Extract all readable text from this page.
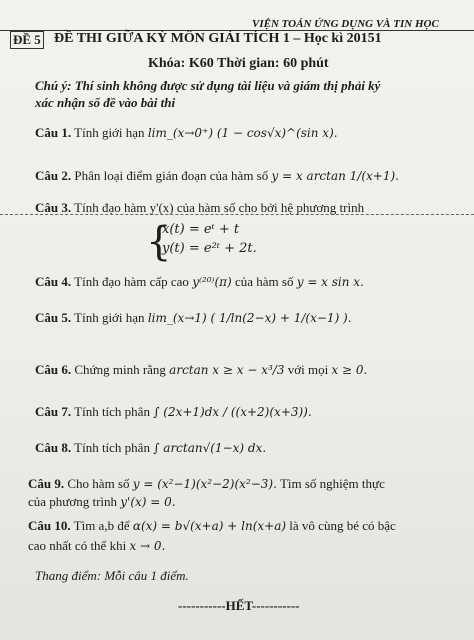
VIỆN TOÁN ỨNG DỤNG VÀ TIN HỌC
ĐỀ 5 ĐỀ THI GIỮA KỲ MÔN GIẢI TÍCH 1 – Học kì 20151
Khóa: K60 Thời gian: 60 phút
Chú ý: Thí sinh không được sử dụng tài liệu và giám thị phải ký
xác nhận số đề vào bài thi
Câu 1. Tính giới hạn lim_(x→0⁺) (1 − cos√x)^(sin x).
Câu 2. Phân loại điểm gián đoạn của hàm số y = x arctan 1/(x+1).
Câu 3. Tính đạo hàm y'(x) của hàm số cho bởi hệ phương trình
{
x(t) = eᵗ + t
y(t) = e²ᵗ + 2t.
Câu 4. Tính đạo hàm cấp cao y⁽²⁰⁾(π) của hàm số y = x sin x.
Câu 5. Tính giới hạn lim_(x→1) ( 1/ln(2−x) + 1/(x−1) ).
Câu 6. Chứng minh rằng arctan x ≥ x − x³/3 với mọi x ≥ 0.
Câu 7. Tính tích phân ∫ (2x+1)dx / ((x+2)(x+3)).
Câu 8. Tính tích phân ∫ arctan√(1−x) dx.
Câu 9. Cho hàm số y = (x²−1)(x²−2)(x²−3). Tìm số nghiệm thực
của phương trình y'(x) = 0.
Câu 10. Tìm a,b để α(x) = b√(x+a) + ln(x+a) là vô cùng bé có bậc
cao nhất có thể khi x → 0.
Thang điểm: Mỗi câu 1 điểm.
-----------HẾT-----------
